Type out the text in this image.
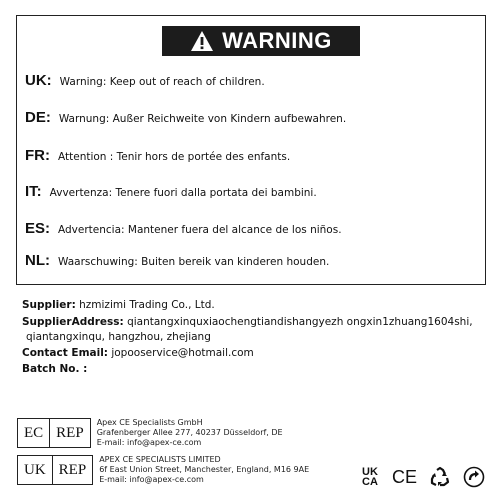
WARNING
UK: Warning: Keep out of reach of children.
DE: Warnung: Außer Reichweite von Kindern aufbewahren.
FR: Attention : Tenir hors de portée des enfants.
IT: Avvertenza: Tenere fuori dalla portata dei bambini.
ES: Advertencia: Mantener fuera del alcance de los niños.
NL: Waarschuwing: Buiten bereik van kinderen houden.
Supplier: hzmizimi Trading Co., Ltd.
SupplierAddress: qiantangxinquxiaochengtiandishangyezh ongxin1zhuang1604shi,
qiantangxinqu, hangzhou, zhejiang
Contact Email: jopooservice@hotmail.com
Batch No. :
EC REP
Apex CE Specialists GmbH
Grafenberger Allee 277, 40237 Düsseldorf, DE
E-mail: info@apex-ce.com
UK REP
APEX CE SPECIALISTS LIMITED
6f East Union Street, Manchester, England, M16 9AE
E-mail: info@apex-ce.com
UK
CA CE
